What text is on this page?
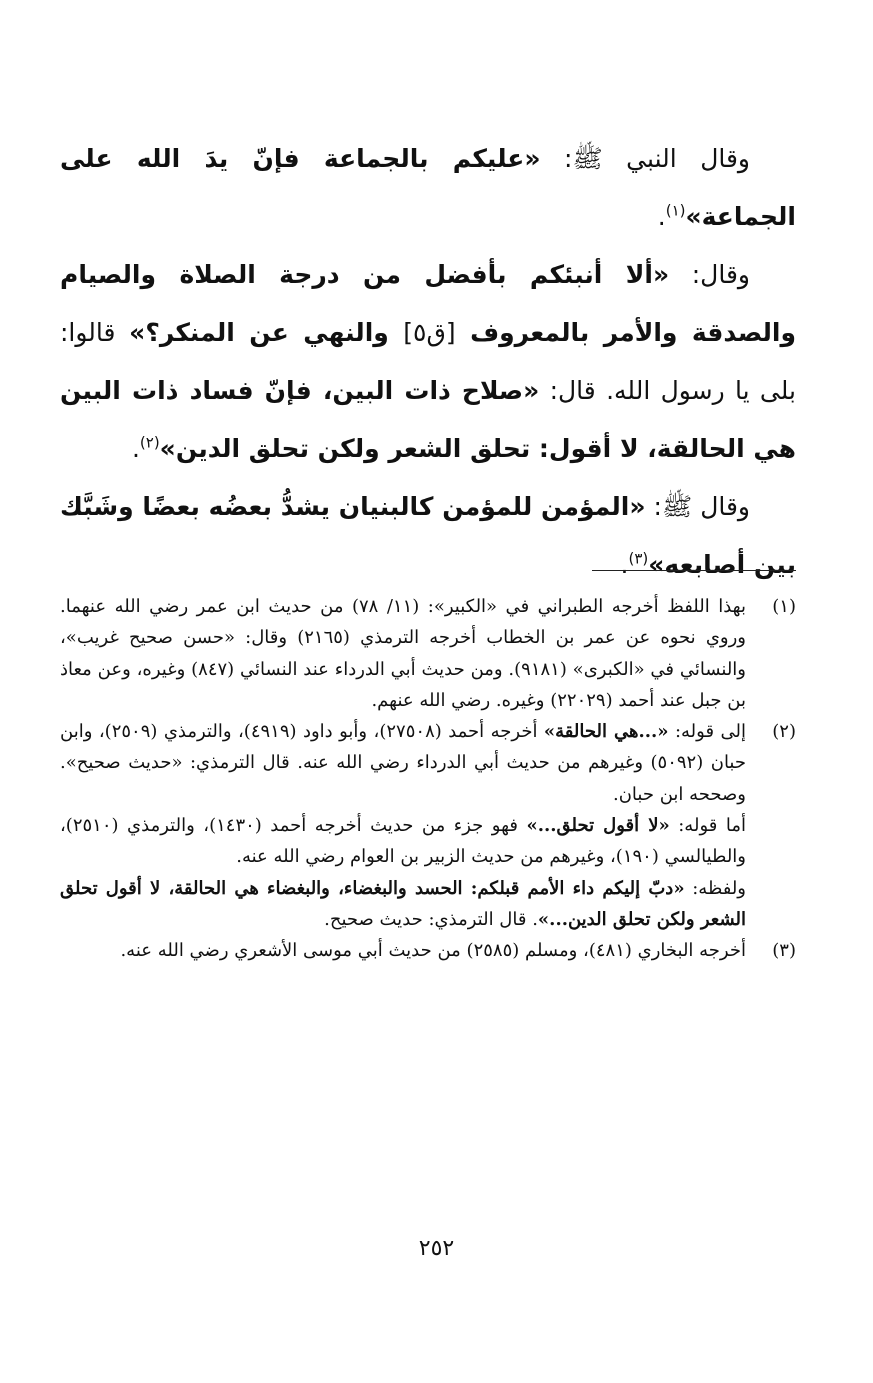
وقال النبي ﷺ: «عليكم بالجماعة فإنّ يدَ الله على الجماعة»$^{(١)}$.

وقال: «ألا أنبئكم بأفضل من درجة الصلاة والصيام والصدقة والأمر بالمعروف [ق٥] والنهي عن المنكر؟» قالوا: بلى يا رسول الله. قال: «صلاح ذات البين، فإنّ فساد ذات البين هي الحالقة، لا أقول: تحلق الشعر ولكن تحلق الدين»$^{(٢)}$.

وقال ﷺ: «المؤمن للمؤمن كالبنيان يشدُّ بعضُه بعضًا وشَبَّك بين أصابعه»$^{(٣)}$.

(١)

بهذا اللفظ أخرجه الطبراني في «الكبير»: (١١/ ٧٨) من حديث ابن عمر رضي الله عنهما. وروي نحوه عن عمر بن الخطاب أخرجه الترمذي (٢١٦٥) وقال: «حسن صحيح غريب»، والنسائي في «الكبرى» (٩١٨١). ومن حديث أبي الدرداء عند النسائي (٨٤٧) وغيره، وعن معاذ بن جبل عند أحمد (٢٢٠٢٩) وغيره. رضي الله عنهم.

(٢)

إلى قوله: «...هي الحالقة» أخرجه أحمد (٢٧٥٠٨)، وأبو داود (٤٩١٩)، والترمذي (٢٥٠٩)، وابن حبان (٥٠٩٢) وغيرهم من حديث أبي الدرداء رضي الله عنه. قال الترمذي: «حديث صحيح». وصححه ابن حبان.

أما قوله: «لا أقول تحلق...» فهو جزء من حديث أخرجه أحمد (١٤٣٠)، والترمذي (٢٥١٠)، والطيالسي (١٩٠)، وغيرهم من حديث الزبير بن العوام رضي الله عنه.

ولفظه: «دبّ إليكم داء الأمم قبلكم: الحسد والبغضاء، والبغضاء هي الحالقة، لا أقول تحلق الشعر ولكن تحلق الدين...». قال الترمذي: حديث صحيح.

(٣)

أخرجه البخاري (٤٨١)، ومسلم (٢٥٨٥) من حديث أبي موسى الأشعري رضي الله عنه.

٢٥٢
